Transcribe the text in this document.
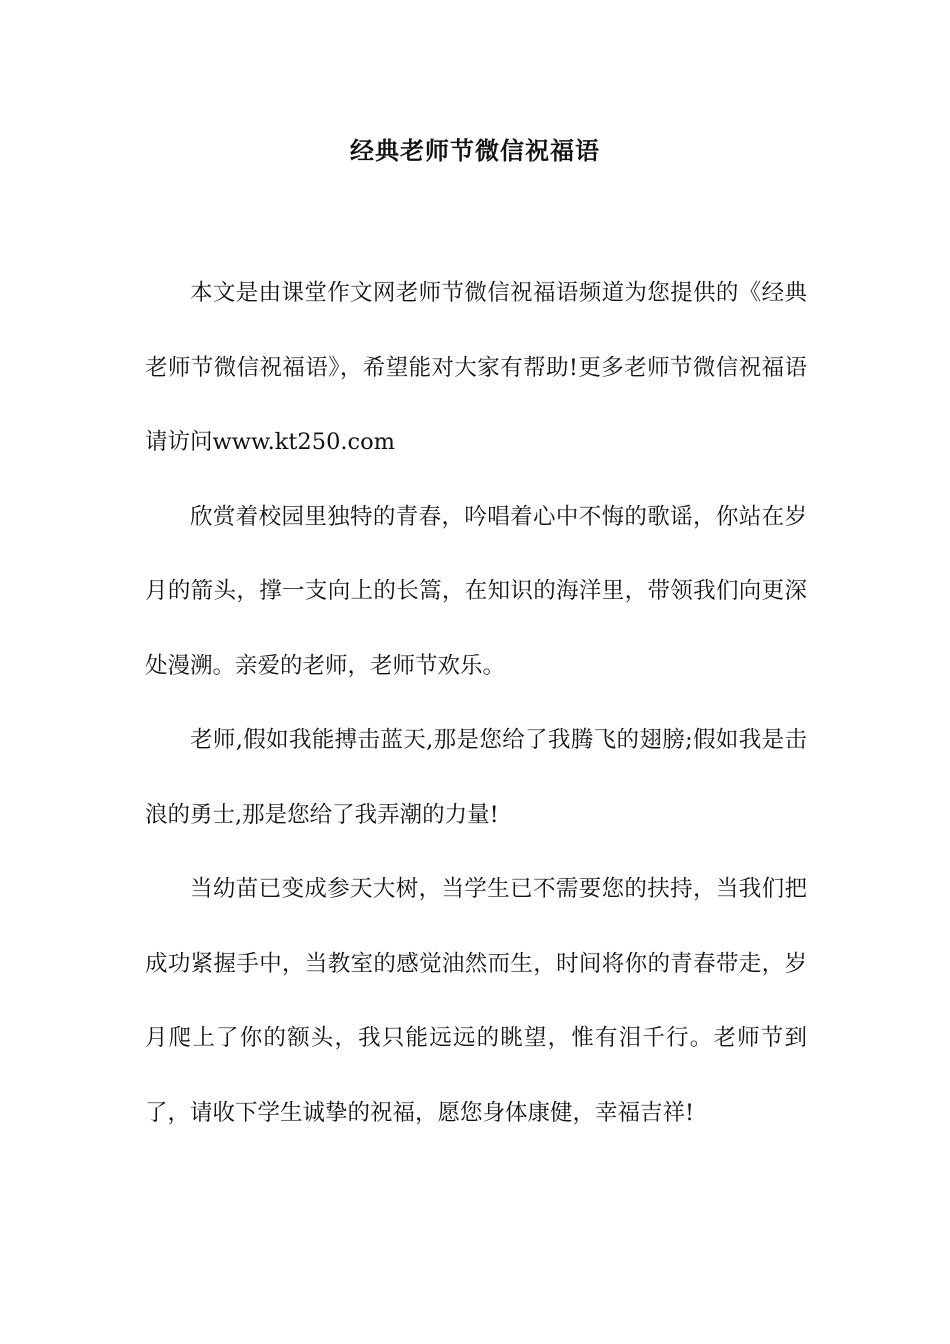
经典老师节微信祝福语

本文是由课堂作文网老师节微信祝福语频道为您提供的《经典老师节微信祝福语》，希望能对大家有帮助!更多老师节微信祝福语请访问www.kt250.com

欣赏着校园里独特的青春，吟唱着心中不悔的歌谣，你站在岁月的箭头，撑一支向上的长篙，在知识的海洋里，带领我们向更深处漫溯。亲爱的老师，老师节欢乐。

老师,假如我能搏击蓝天,那是您给了我腾飞的翅膀;假如我是击浪的勇士,那是您给了我弄潮的力量!

当幼苗已变成参天大树，当学生已不需要您的扶持，当我们把成功紧握手中，当教室的感觉油然而生，时间将你的青春带走，岁月爬上了你的额头，我只能远远的眺望，惟有泪千行。老师节到了，请收下学生诚挚的祝福，愿您身体康健，幸福吉祥!
